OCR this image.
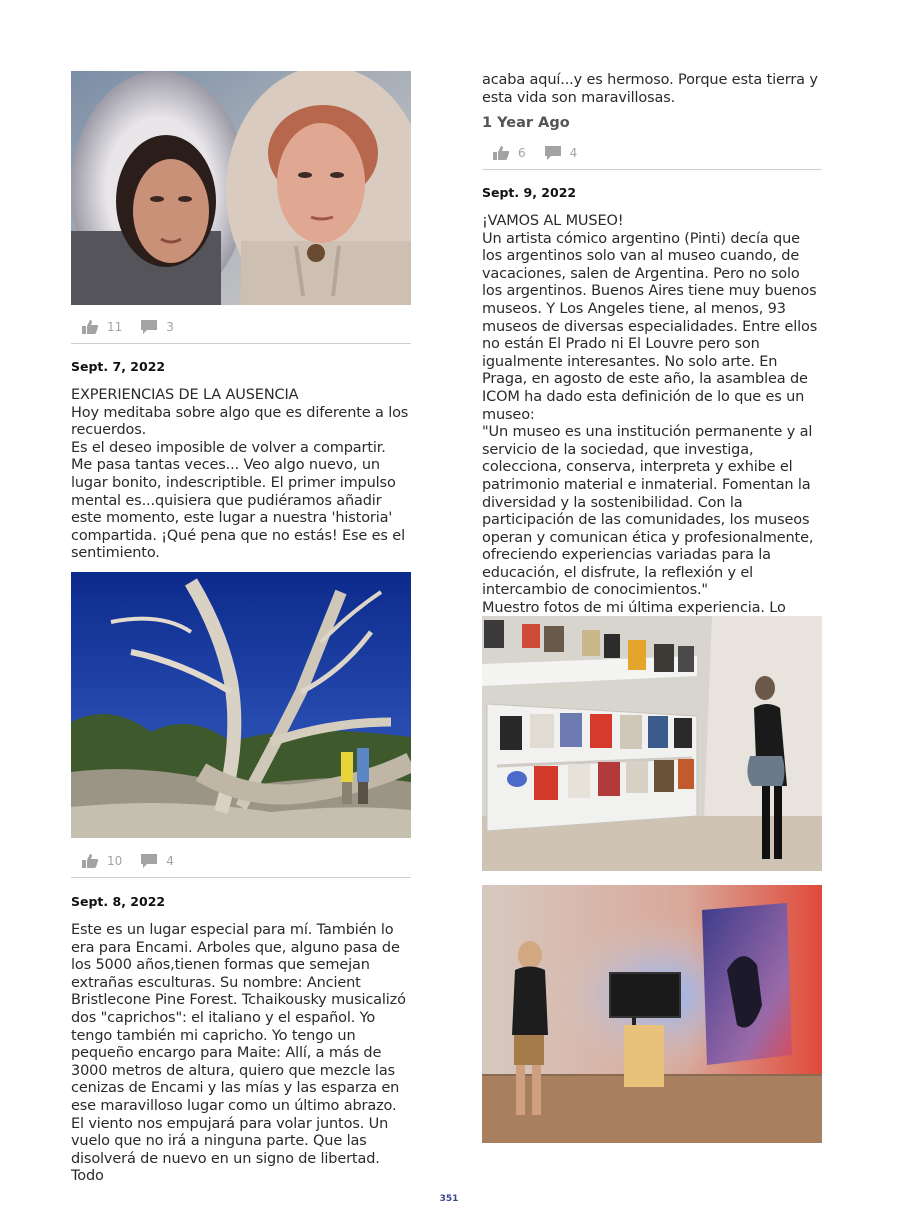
11	3
Sept. 7, 2022
EXPERIENCIAS DE LA AUSENCIA
Hoy meditaba sobre algo que es diferente a los recuerdos.
Es el deseo imposible de volver a compartir. Me pasa tantas veces... Veo algo nuevo, un lugar bonito, indescriptible. El primer impulso mental es...quisiera que pudiéramos añadir este momento, este lugar a nuestra 'historia' compartida. ¡Qué pena que no estás! Ese es el sentimiento.
10	4
Sept. 8, 2022
Este es un lugar especial para mí. También lo era para Encami. Arboles que, alguno pasa de los 5000 años,tienen formas que semejan extrañas esculturas. Su nombre: Ancient Bristlecone Pine Forest. Tchaikousky musicalizó dos "caprichos": el italiano y el español. Yo tengo también mi capricho. Yo tengo un pequeño encargo para Maite: Allí, a más de 3000 metros de altura, quiero que mezcle las cenizas de Encami y las mías y las esparza en ese maravilloso lugar como un último abrazo. El viento nos empujará para volar juntos. Un vuelo que no irá a ninguna parte. Que las disolverá de nuevo en un signo de libertad. Todo
acaba aquí...y es hermoso. Porque esta tierra y esta vida son maravillosas.
1 Year Ago
6	4
Sept. 9, 2022
¡VAMOS AL MUSEO!
Un artista cómico argentino (Pinti) decía que los argentinos solo van al museo cuando, de vacaciones, salen de Argentina. Pero no solo los argentinos. Buenos Aires tiene muy buenos museos. Y Los Angeles tiene, al menos, 93 museos de diversas especialidades. Entre ellos no están El Prado ni El Louvre pero son igualmente interesantes. No solo arte. En Praga, en agosto de este año, la asamblea de ICOM ha dado esta definición de lo que es un museo:
"Un museo es una institución permanente y al servicio de la sociedad, que investiga, colecciona, conserva, interpreta y exhibe el patrimonio material e inmaterial. Fomentan la diversidad y la sostenibilidad. Con la participación de las comunidades, los museos operan y comunican ética y profesionalmente, ofreciendo experiencias variadas para la educación, el disfrute, la reflexión y el intercambio de conocimientos."
Muestro fotos de mi última experiencia. Lo
351
